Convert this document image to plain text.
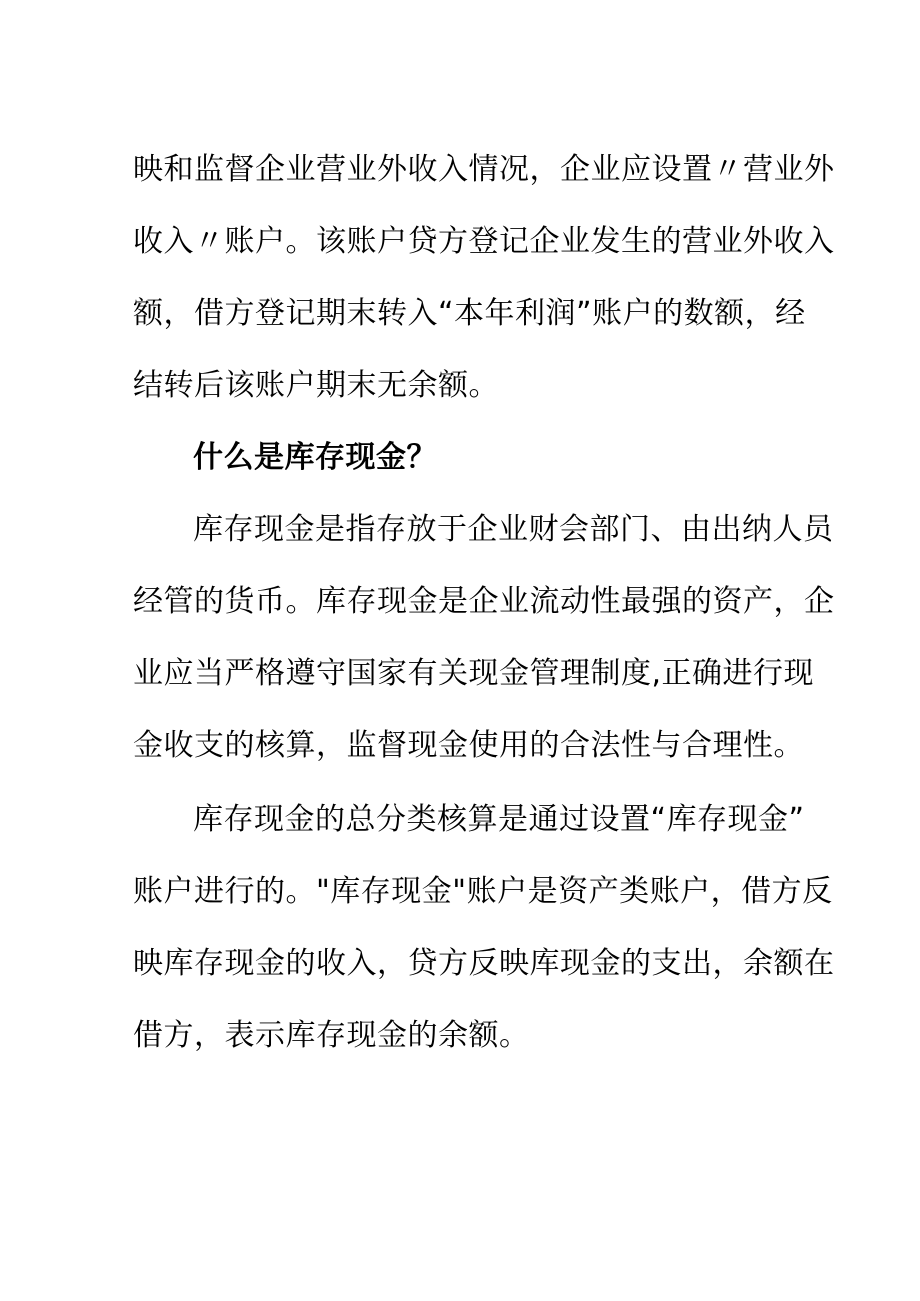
映和监督企业营业外收入情况，企业应设置〃营业外
收入〃账户。该账户贷方登记企业发生的营业外收入
额，借方登记期末转入“本年利润”账户的数额，经
结转后该账户期末无余额。
什么是库存现金？
库存现金是指存放于企业财会部门、由出纳人员
经管的货币。库存现金是企业流动性最强的资产，企
业应当严格遵守国家有关现金管理制度,正确进行现
金收支的核算，监督现金使用的合法性与合理性。
库存现金的总分类核算是通过设置“库存现金”
账户进行的。"库存现金"账户是资产类账户，借方反
映库存现金的收入，贷方反映库现金的支出，余额在
借方，表示库存现金的余额。
